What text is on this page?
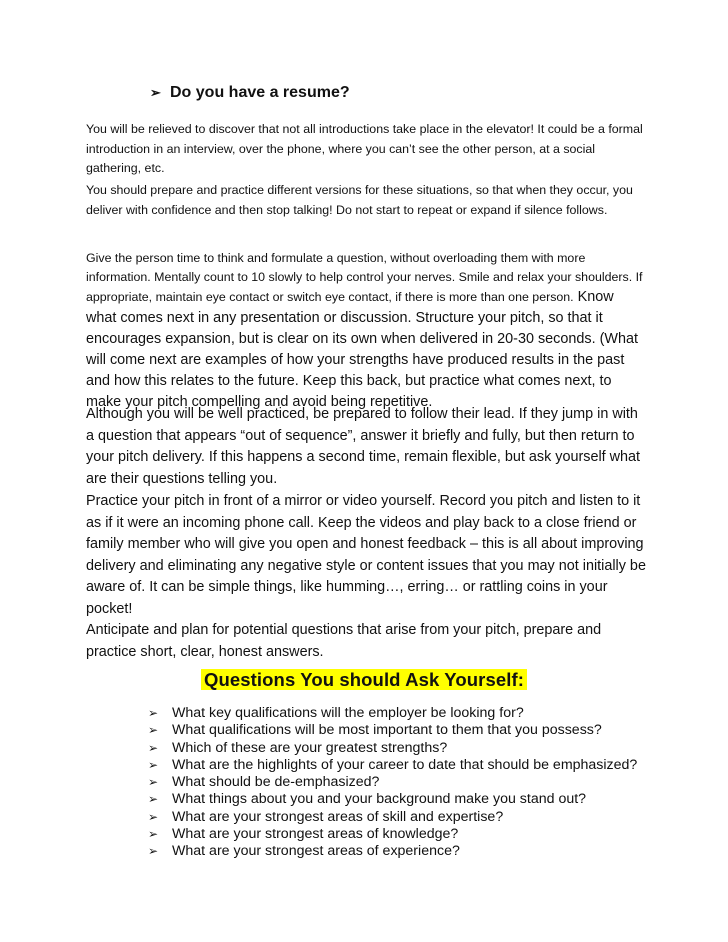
➢ Do you have a resume?

You will be relieved to discover that not all introductions take place in the elevator! It could be a formal introduction in an interview, over the phone, where you can’t see the other person, at a social gathering, etc.

You should prepare and practice different versions for these situations, so that when they occur, you deliver with confidence and then stop talking! Do not start to repeat or expand if silence follows.

Give the person time to think and formulate a question, without overloading them with more information. Mentally count to 10 slowly to help control your nerves. Smile and relax your shoulders. If appropriate, maintain eye contact or switch eye contact, if there is more than one person. Know what comes next in any presentation or discussion. Structure your pitch, so that it encourages expansion, but is clear on its own when delivered in 20-30 seconds. (What will come next are examples of how your strengths have produced results in the past and how this relates to the future. Keep this back, but practice what comes next, to make your pitch compelling and avoid being repetitive.

Although you will be well practiced, be prepared to follow their lead. If they jump in with a question that appears “out of sequence”, answer it briefly and fully, but then return to your pitch delivery. If this happens a second time, remain flexible, but ask yourself what are their questions telling you.

Practice your pitch in front of a mirror or video yourself. Record you pitch and listen to it as if it were an incoming phone call. Keep the videos and play back to a close friend or family member who will give you open and honest feedback – this is all about improving delivery and eliminating any negative style or content issues that you may not initially be aware of. It can be simple things, like humming…, erring… or rattling coins in your pocket!

Anticipate and plan for potential questions that arise from your pitch, prepare and practice short, clear, honest answers.

Questions You should Ask Yourself:
➢ What key qualifications will the employer be looking for?
➢ What qualifications will be most important to them that you possess?
➢ Which of these are your greatest strengths?
➢ What are the highlights of your career to date that should be emphasized?
➢ What should be de-emphasized?
➢ What things about you and your background make you stand out?
➢ What are your strongest areas of skill and expertise?
➢ What are your strongest areas of knowledge?
➢ What are your strongest areas of experience?
